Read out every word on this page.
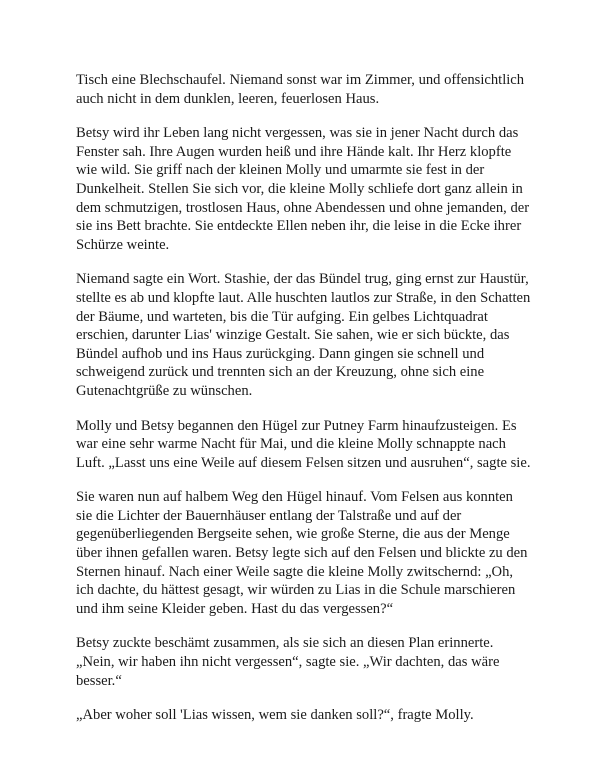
Tisch eine Blechschaufel. Niemand sonst war im Zimmer, und offensichtlich auch nicht in dem dunklen, leeren, feuerlosen Haus.

Betsy wird ihr Leben lang nicht vergessen, was sie in jener Nacht durch das Fenster sah. Ihre Augen wurden heiß und ihre Hände kalt. Ihr Herz klopfte wie wild. Sie griff nach der kleinen Molly und umarmte sie fest in der Dunkelheit. Stellen Sie sich vor, die kleine Molly schliefe dort ganz allein in dem schmutzigen, trostlosen Haus, ohne Abendessen und ohne jemanden, der sie ins Bett brachte. Sie entdeckte Ellen neben ihr, die leise in die Ecke ihrer Schürze weinte.

Niemand sagte ein Wort. Stashie, der das Bündel trug, ging ernst zur Haustür, stellte es ab und klopfte laut. Alle huschten lautlos zur Straße, in den Schatten der Bäume, und warteten, bis die Tür aufging. Ein gelbes Lichtquadrat erschien, darunter Lias' winzige Gestalt. Sie sahen, wie er sich bückte, das Bündel aufhob und ins Haus zurückging. Dann gingen sie schnell und schweigend zurück und trennten sich an der Kreuzung, ohne sich eine Gutenachtgrüße zu wünschen.

Molly und Betsy begannen den Hügel zur Putney Farm hinaufzusteigen. Es war eine sehr warme Nacht für Mai, und die kleine Molly schnappte nach Luft. „Lasst uns eine Weile auf diesem Felsen sitzen und ausruhen“, sagte sie.

Sie waren nun auf halbem Weg den Hügel hinauf. Vom Felsen aus konnten sie die Lichter der Bauernhäuser entlang der Talstraße und auf der gegenüberliegenden Bergseite sehen, wie große Sterne, die aus der Menge über ihnen gefallen waren. Betsy legte sich auf den Felsen und blickte zu den Sternen hinauf. Nach einer Weile sagte die kleine Molly zwitschernd: „Oh, ich dachte, du hättest gesagt, wir würden zu Lias in die Schule marschieren und ihm seine Kleider geben. Hast du das vergessen?“

Betsy zuckte beschämt zusammen, als sie sich an diesen Plan erinnerte. „Nein, wir haben ihn nicht vergessen“, sagte sie. „Wir dachten, das wäre besser.“

„Aber woher soll 'Lias wissen, wem sie danken soll?“, fragte Molly.
